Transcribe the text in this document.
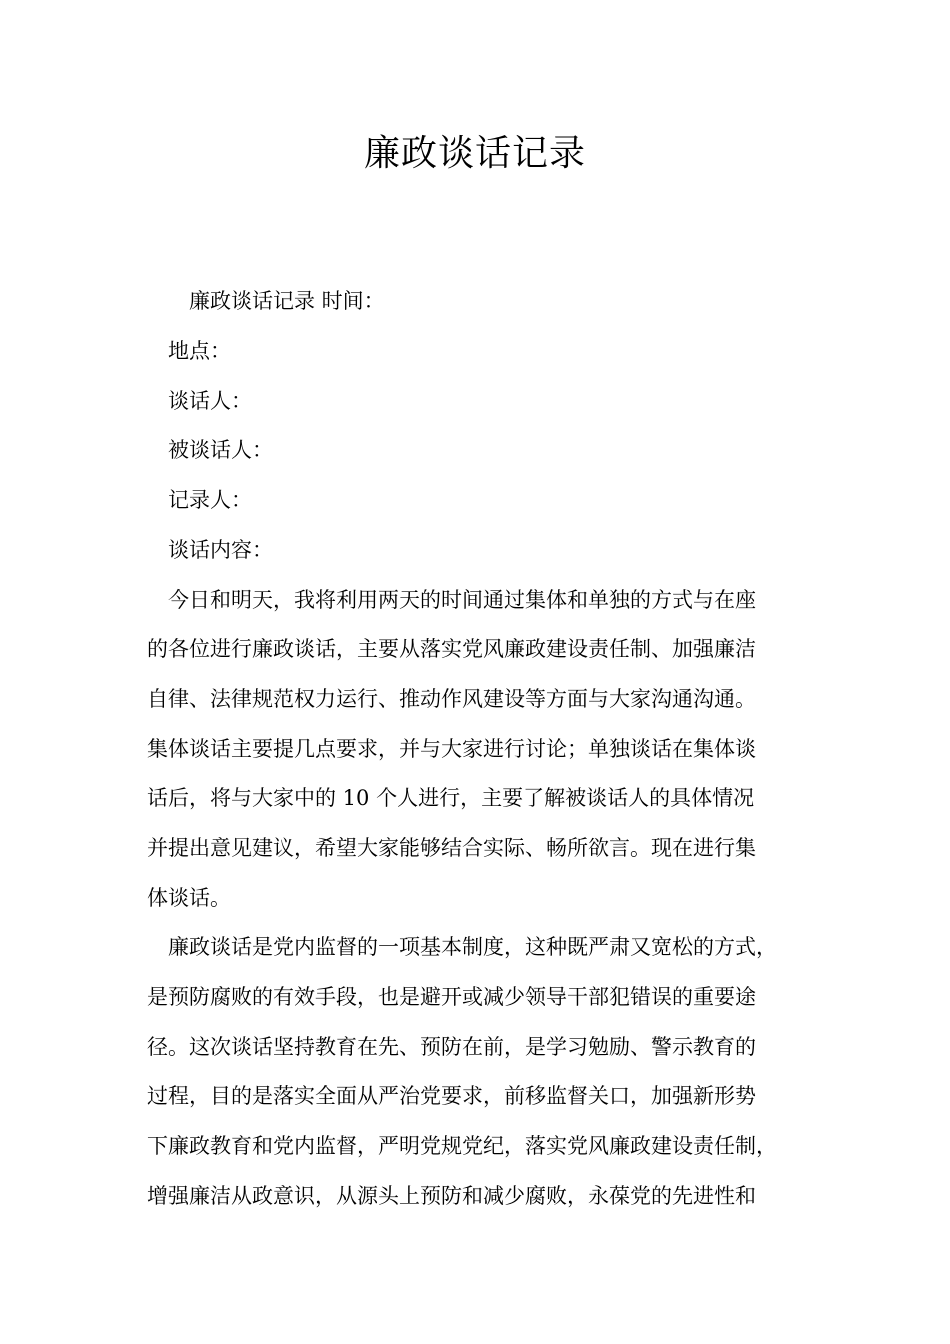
廉政谈话记录
廉政谈话记录 时间：
地点：
谈话人：
被谈话人：
记录人：
谈话内容：
今日和明天，我将利用两天的时间通过集体和单独的方式与在座
的各位进行廉政谈话，主要从落实党风廉政建设责任制、加强廉洁
自律、法律规范权力运行、推动作风建设等方面与大家沟通沟通。
集体谈话主要提几点要求，并与大家进行讨论；单独谈话在集体谈
话后，将与大家中的 10 个人进行，主要了解被谈话人的具体情况
并提出意见建议，希望大家能够结合实际、畅所欲言。现在进行集
体谈话。
廉政谈话是党内监督的一项基本制度，这种既严肃又宽松的方式，
是预防腐败的有效手段，也是避开或减少领导干部犯错误的重要途
径。这次谈话坚持教育在先、预防在前，是学习勉励、警示教育的
过程，目的是落实全面从严治党要求，前移监督关口，加强新形势
下廉政教育和党内监督，严明党规党纪，落实党风廉政建设责任制，
增强廉洁从政意识，从源头上预防和减少腐败，永葆党的先进性和
